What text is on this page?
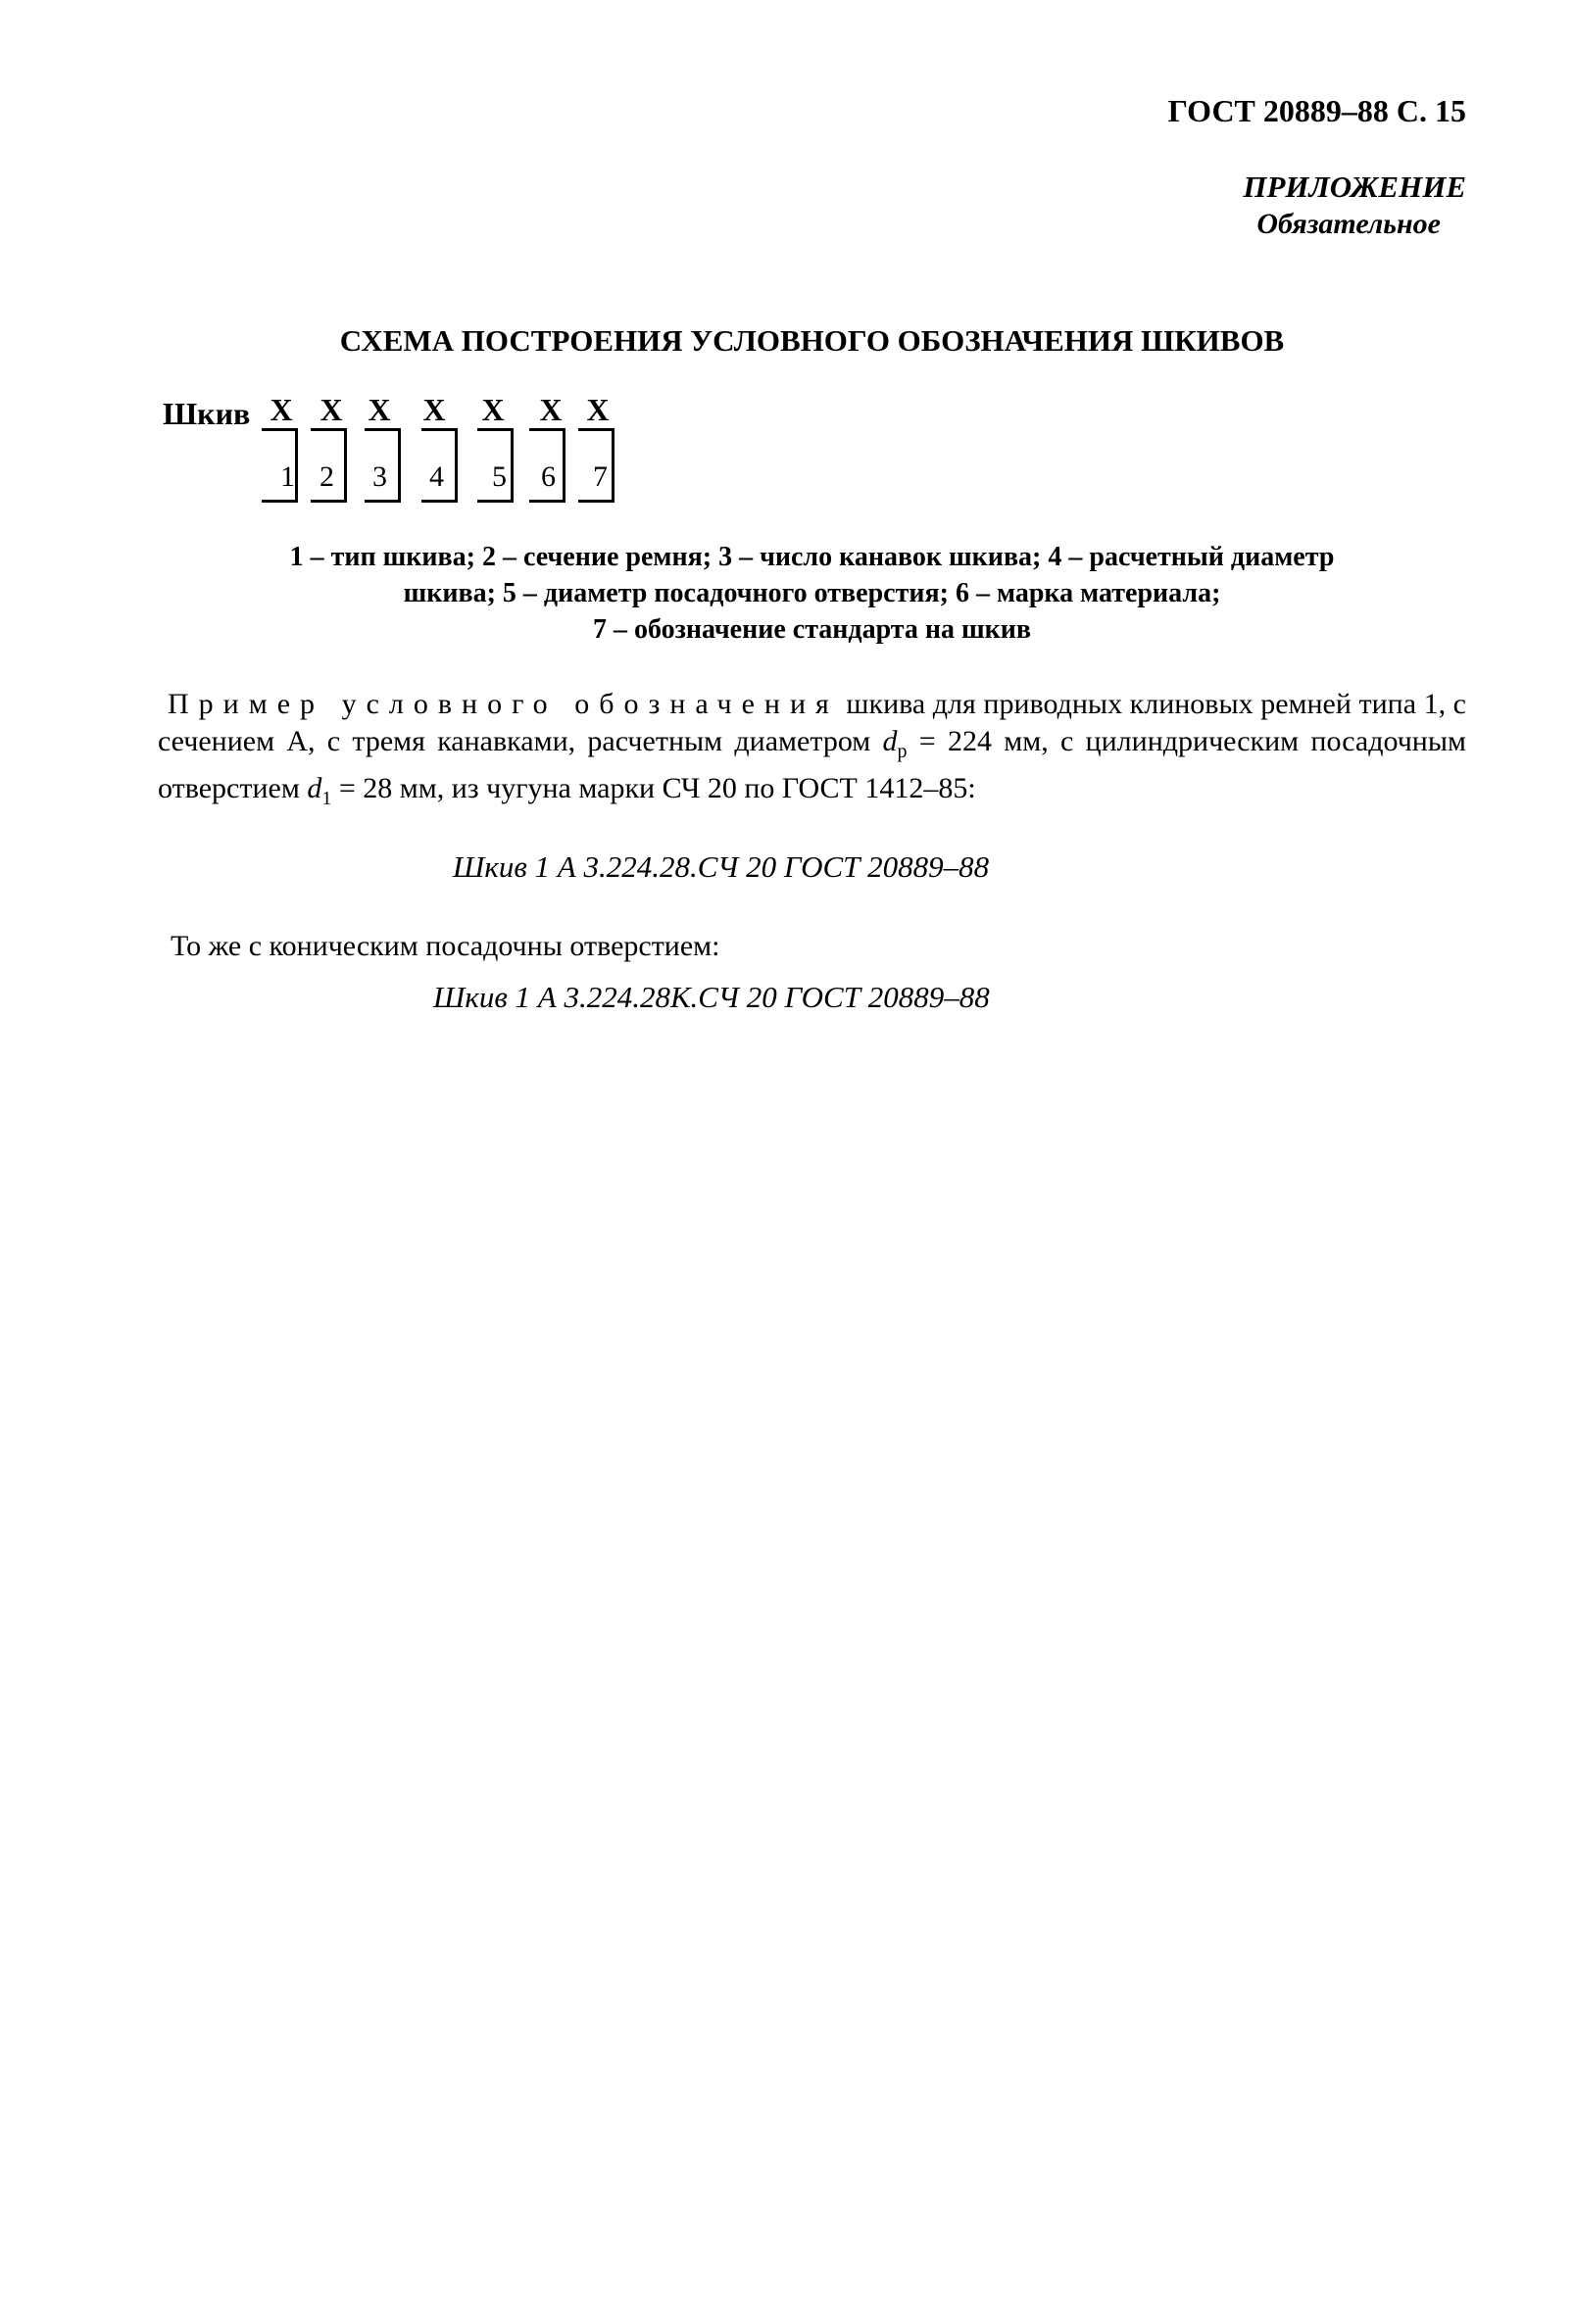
ГОСТ 20889–88 С. 15
ПРИЛОЖЕНИЕ
Обязательное
СХЕМА ПОСТРОЕНИЯ УСЛОВНОГО ОБОЗНАЧЕНИЯ ШКИВОВ
Шкив X X X X X X X
1 2 3 4 5 6 7
1 – тип шкива; 2 – сечение ремня; 3 – число канавок шкива; 4 – расчетный диаметр
шкива; 5 – диаметр посадочного отверстия; 6 – марка материала;
7 – обозначение стандарта на шкив
Пример условного обозначения шкива для приводных клиновых ремней типа 1, с сечением А, с тремя канавками, расчетным диаметром $d_p = 224$ мм, с цилиндрическим посадочным отверстием $d_1 = 28$ мм, из чугуна марки СЧ 20 по ГОСТ 1412–85:
Шкив 1 А 3.224.28.СЧ 20 ГОСТ 20889–88
То же с коническим посадочны отверстием:
Шкив 1 А 3.224.28К.СЧ 20 ГОСТ 20889–88
